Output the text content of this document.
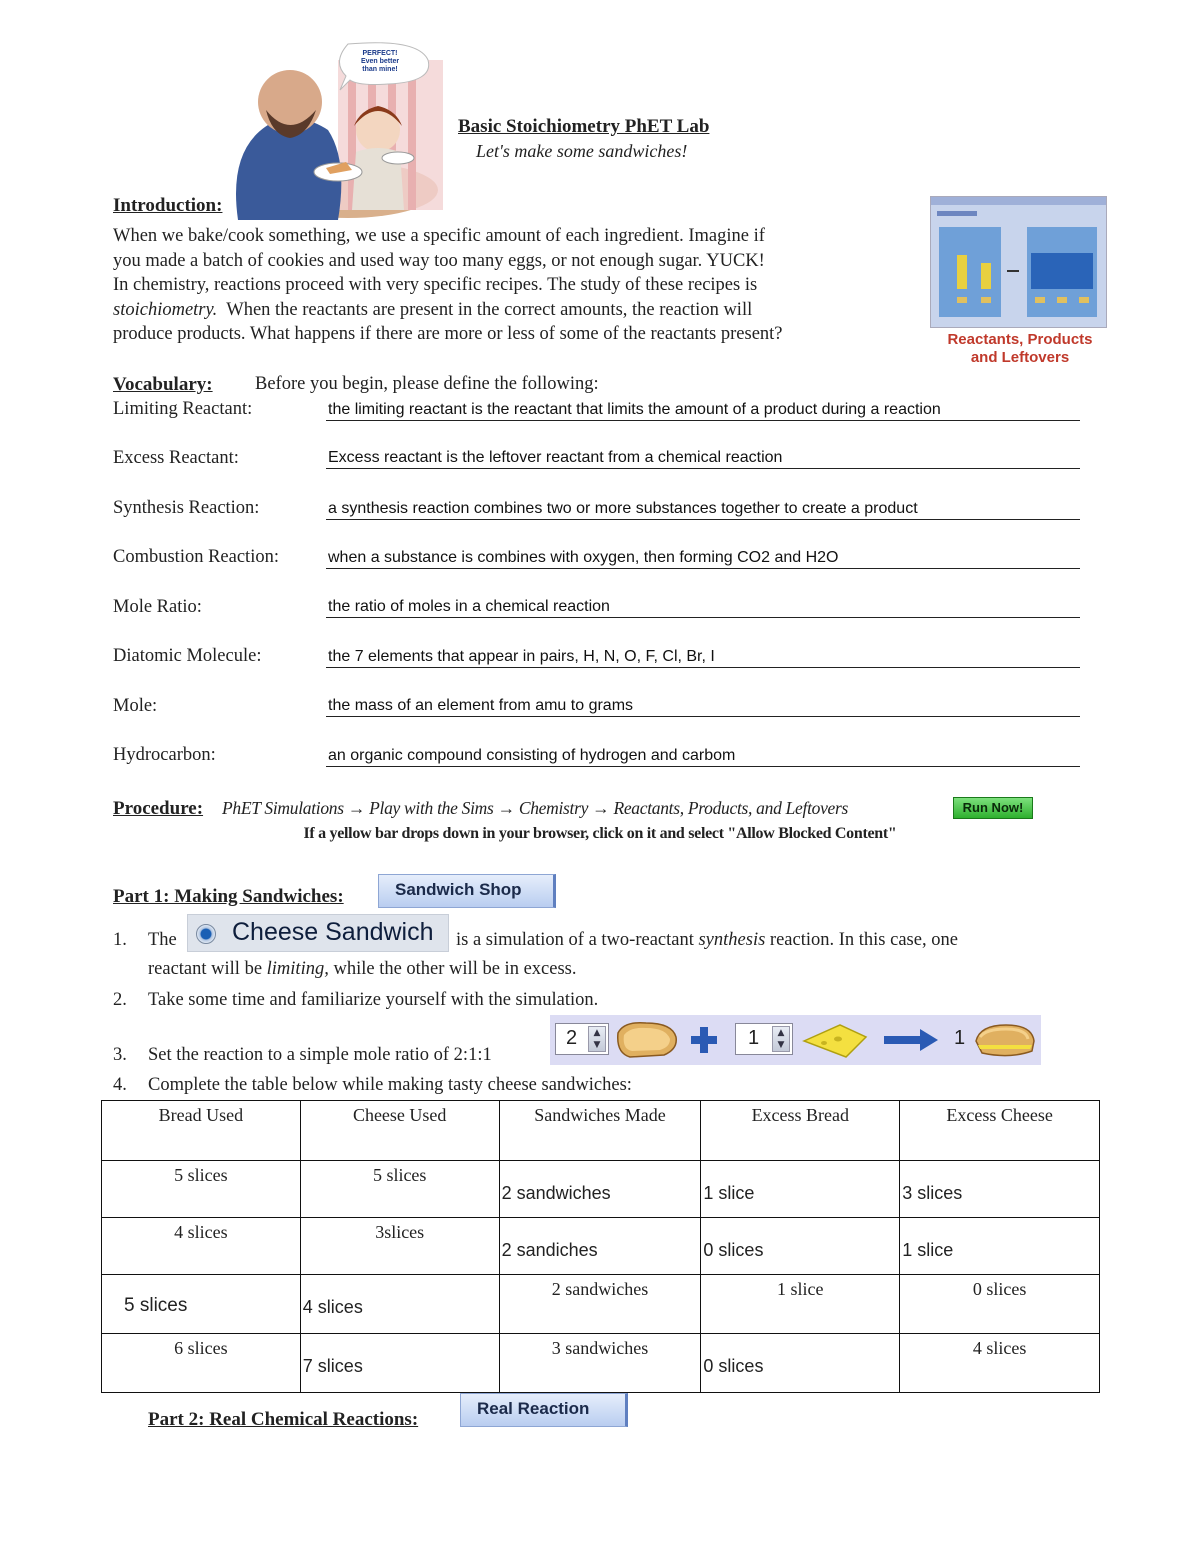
PERFECT!
Even better
than mine!
Basic Stoichiometry PhET Lab
Let's make some sandwiches!
Introduction:
When we bake/cook something, we use a specific amount of each ingredient. Imagine if
you made a batch of cookies and used way too many eggs, or not enough sugar. YUCK!
In chemistry, reactions proceed with very specific recipes. The study of these recipes is
stoichiometry. When the reactants are present in the correct amounts, the reaction will
produce products. What happens if there are more or less of some of the reactants present?	Reactants, Products
and Leftovers
Vocabulary: Before you begin, please define the following:
Limiting Reactant:	the limiting reactant is the reactant that limits the amount of a product during a reaction
Excess Reactant:	Excess reactant is the leftover reactant from a chemical reaction
Synthesis Reaction:	a synthesis reaction combines two or more substances together to create a product
Combustion Reaction:	when a substance is combines with oxygen, then forming CO2 and H2O
Mole Ratio:	the ratio of moles in a chemical reaction
Diatomic Molecule:	the 7 elements that appear in pairs, H, N, O, F, Cl, Br, I
Mole:	the mass of an element from amu to grams
Hydrocarbon:	an organic compound consisting of hydrogen and carbom
Procedure: PhET Simulations → Play with the Sims → Chemistry → Reactants, Products, and Leftovers	Run Now!
If a yellow bar drops down in your browser, click on it and select "Allow Blocked Content"
Part 1: Making Sandwiches:	Sandwich Shop
1. The Cheese Sandwich is a simulation of a two-reactant synthesis reaction. In this case, one
reactant will be limiting, while the other will be in excess.
2. Take some time and familiarize yourself with the simulation.
3. Set the reaction to a simple mole ratio of 2:1:1
2	▲
▼	1	▲
▼	1
4. Complete the table below while making tasty cheese sandwiches:
Bread Used	Cheese Used	Sandwiches Made	Excess Bread	Excess Cheese
5 slices	5 slices	2 sandwiches	1 slice	3 slices
4 slices	3slices	2 sandiches	0 slices	1 slice
5 slices	4 slices	2 sandwiches	1 slice	0 slices
6 slices	7 slices	3 sandwiches	0 slices	4 slices
Part 2: Real Chemical Reactions:
Real Reaction
